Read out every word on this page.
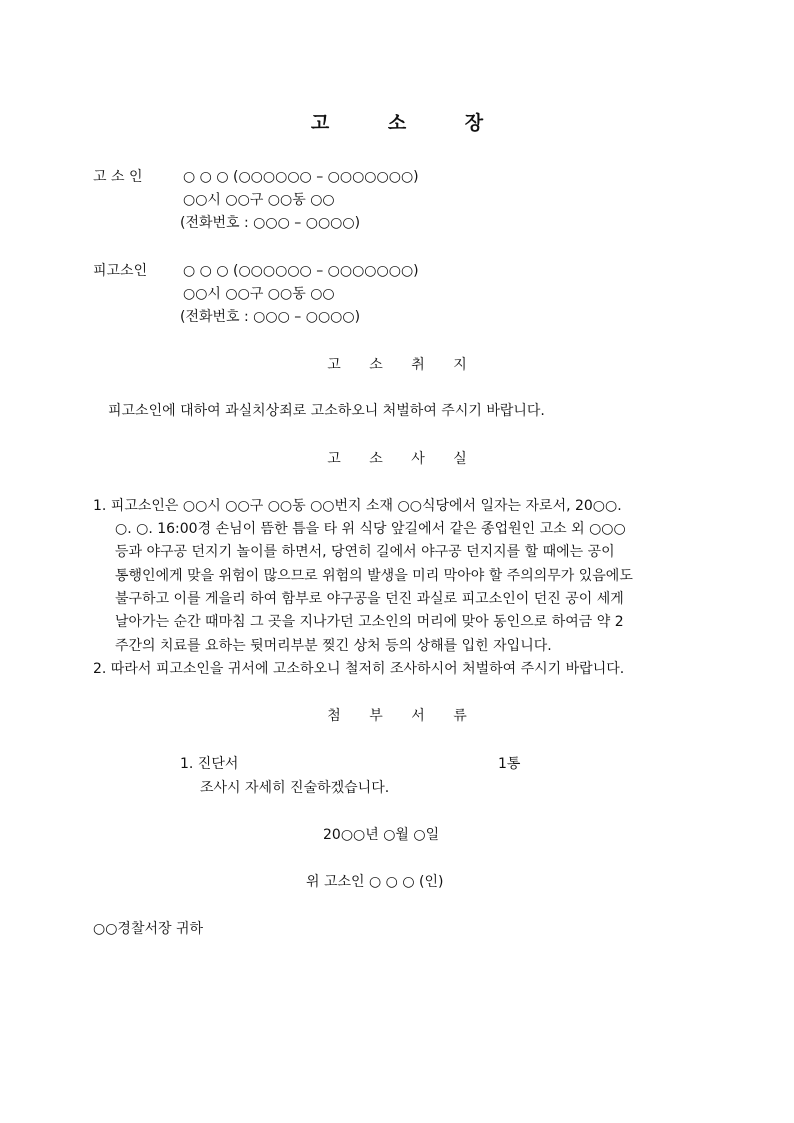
고 소 장
고 소 인	○ ○ ○ (○○○○○○ – ○○○○○○○)
○○시 ○○구 ○○동 ○○
(전화번호 : ○○○ – ○○○○)
피고소인	○ ○ ○ (○○○○○○ – ○○○○○○○)
○○시 ○○구 ○○동 ○○
(전화번호 : ○○○ – ○○○○)
고 소 취 지
피고소인에 대하여 과실치상죄로 고소하오니 처벌하여 주시기 바랍니다.
고 소 사 실
1. 피고소인은 ○○시 ○○구 ○○동 ○○번지 소재 ○○식당에서 일자는 자로서, 20○○.
○. ○. 16:00경 손님이 뜸한 틈을 타 위 식당 앞길에서 같은 종업원인 고소 외 ○○○
등과 야구공 던지기 놀이를 하면서, 당연히 길에서 야구공 던지지를 할 때에는 공이
통행인에게 맞을 위험이 많으므로 위험의 발생을 미리 막아야 할 주의의무가 있음에도
불구하고 이를 게을리 하여 함부로 야구공을 던진 과실로 피고소인이 던진 공이 세게
날아가는 순간 때마침 그 곳을 지나가던 고소인의 머리에 맞아 동인으로 하여금 약 2
주간의 치료를 요하는 뒷머리부분 찢긴 상처 등의 상해를 입힌 자입니다.
2. 따라서 피고소인을 귀서에 고소하오니 철저히 조사하시어 처벌하여 주시기 바랍니다.
첨 부 서 류
1. 진단서	1통
조사시 자세히 진술하겠습니다.
20○○년 ○월 ○일
위 고소인 ○ ○ ○ (인)
○○경찰서장 귀하
